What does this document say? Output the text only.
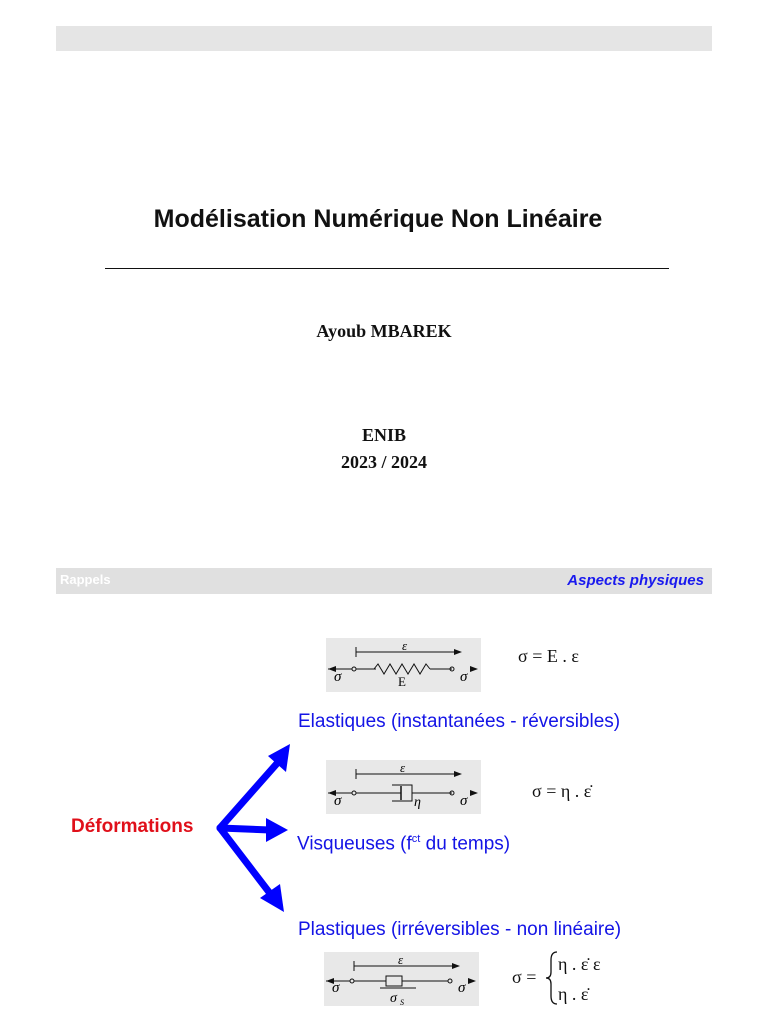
Modélisation Numérique Non Linéaire
Ayoub MBAREK
ENIB
2023 / 2024
Rappels	Aspects physiques
ε
σ	σ
E
σ = E . ε
Elastiques (instantanées - réversibles)
ε
σ	σ
η
σ = η . ε̇
Déformations
Visqueuses ($f^{ct}$ du temps)
Plastiques (irréversibles - non linéaire)
ε
σ	σ
σ S
σ =
η . ε̇ ε
η . ε̇
